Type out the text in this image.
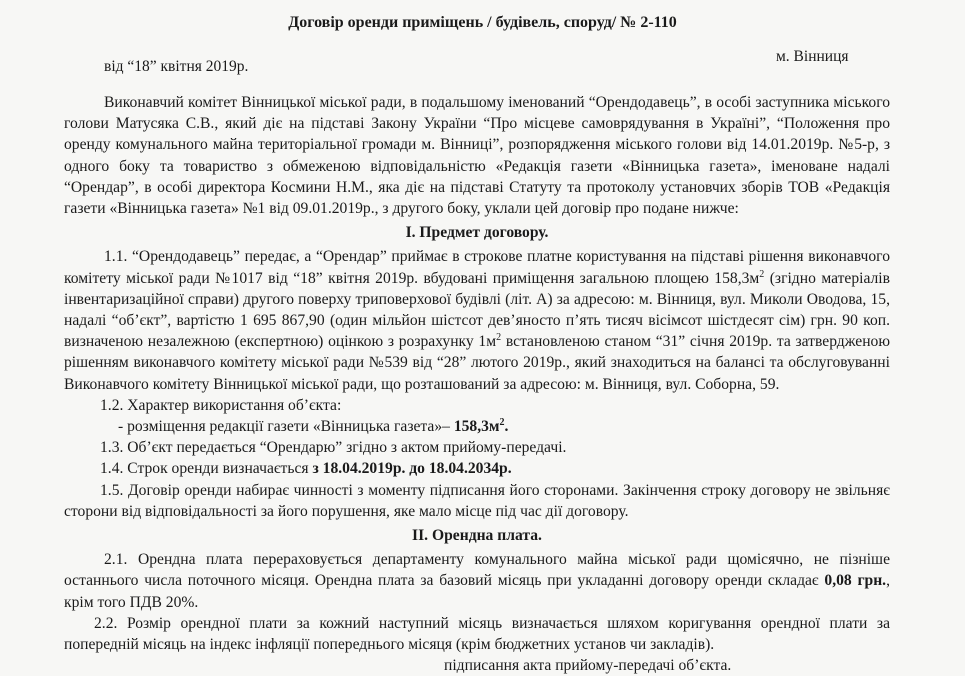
Договір оренди приміщень / будівель, споруд/ № 2-110
м. Вінниця
від “18” квітня 2019р.

Виконавчий комітет Вінницької міської ради, в подальшому іменований “Орендодавець”, в особі заступника міського голови Матусяка С.В., який діє на підставі Закону України “Про місцеве самоврядування в Україні”, “Положення про оренду комунального майна територіальної громади м. Вінниці”, розпорядження міського голови від 14.01.2019р. №5-р, з одного боку та товариство з обмеженою відповідальністю «Редакція газети «Вінницька газета», іменоване надалі “Орендар”, в особі директора Космини Н.М., яка діє на підставі Статуту та протоколу установчих зборів ТОВ «Редакція газети «Вінницька газета» №1 від 09.01.2019р., з другого боку, уклали цей договір про подане нижче:

I. Предмет договору.

1.1. “Орендодавець” передає, а “Орендар” приймає в строкове платне користування на підставі рішення виконавчого комітету міської ради №1017 від “18” квітня 2019р. вбудовані приміщення загальною площею $158,3м^2$ (згідно матеріалів інвентаризаційної справи) другого поверху триповерхової будівлі (літ. А) за адресою: м. Вінниця, вул. Миколи Оводова, 15, надалі “об’єкт”, вартістю 1 695 867,90 (один мільйон шістсот дев’яносто п’ять тисяч вісімсот шістдесят сім) грн. 90 коп. визначеною незалежною (експертною) оцінкою з розрахунку $1м^2$ встановленою станом “31” січня 2019р. та затвердженою рішенням виконавчого комітету міської ради №539 від “28” лютого 2019р., який знаходиться на балансі та обслуговуванні Виконавчого комітету Вінницької міської ради, що розташований за адресою: м. Вінниця, вул. Соборна, 59.

1.2. Характер використання об’єкта:

- розміщення редакції газети «Вінницька газета»– $158,3м^2$.

1.3. Об’єкт передається “Орендарю” згідно з актом прийому-передачі.

1.4. Строк оренди визначається з 18.04.2019р. до 18.04.2034р.

1.5. Договір оренди набирає чинності з моменту підписання його сторонами. Закінчення строку договору не звільняє сторони від відповідальності за його порушення, яке мало місце під час дії договору.

II. Орендна плата.

2.1. Орендна плата перераховується департаменту комунального майна міської ради щомісячно, не пізніше останнього числа поточного місяця. Орендна плата за базовий місяць при укладанні договору оренди складає 0,08 грн., крім того ПДВ 20%.

2.2. Розмір орендної плати за кожний наступний місяць визначається шляхом коригування орендної плати за попередній місяць на індекс інфляції попереднього місяця (крім бюджетних установ чи закладів).

підписання акта прийому-передачі об’єкта.
